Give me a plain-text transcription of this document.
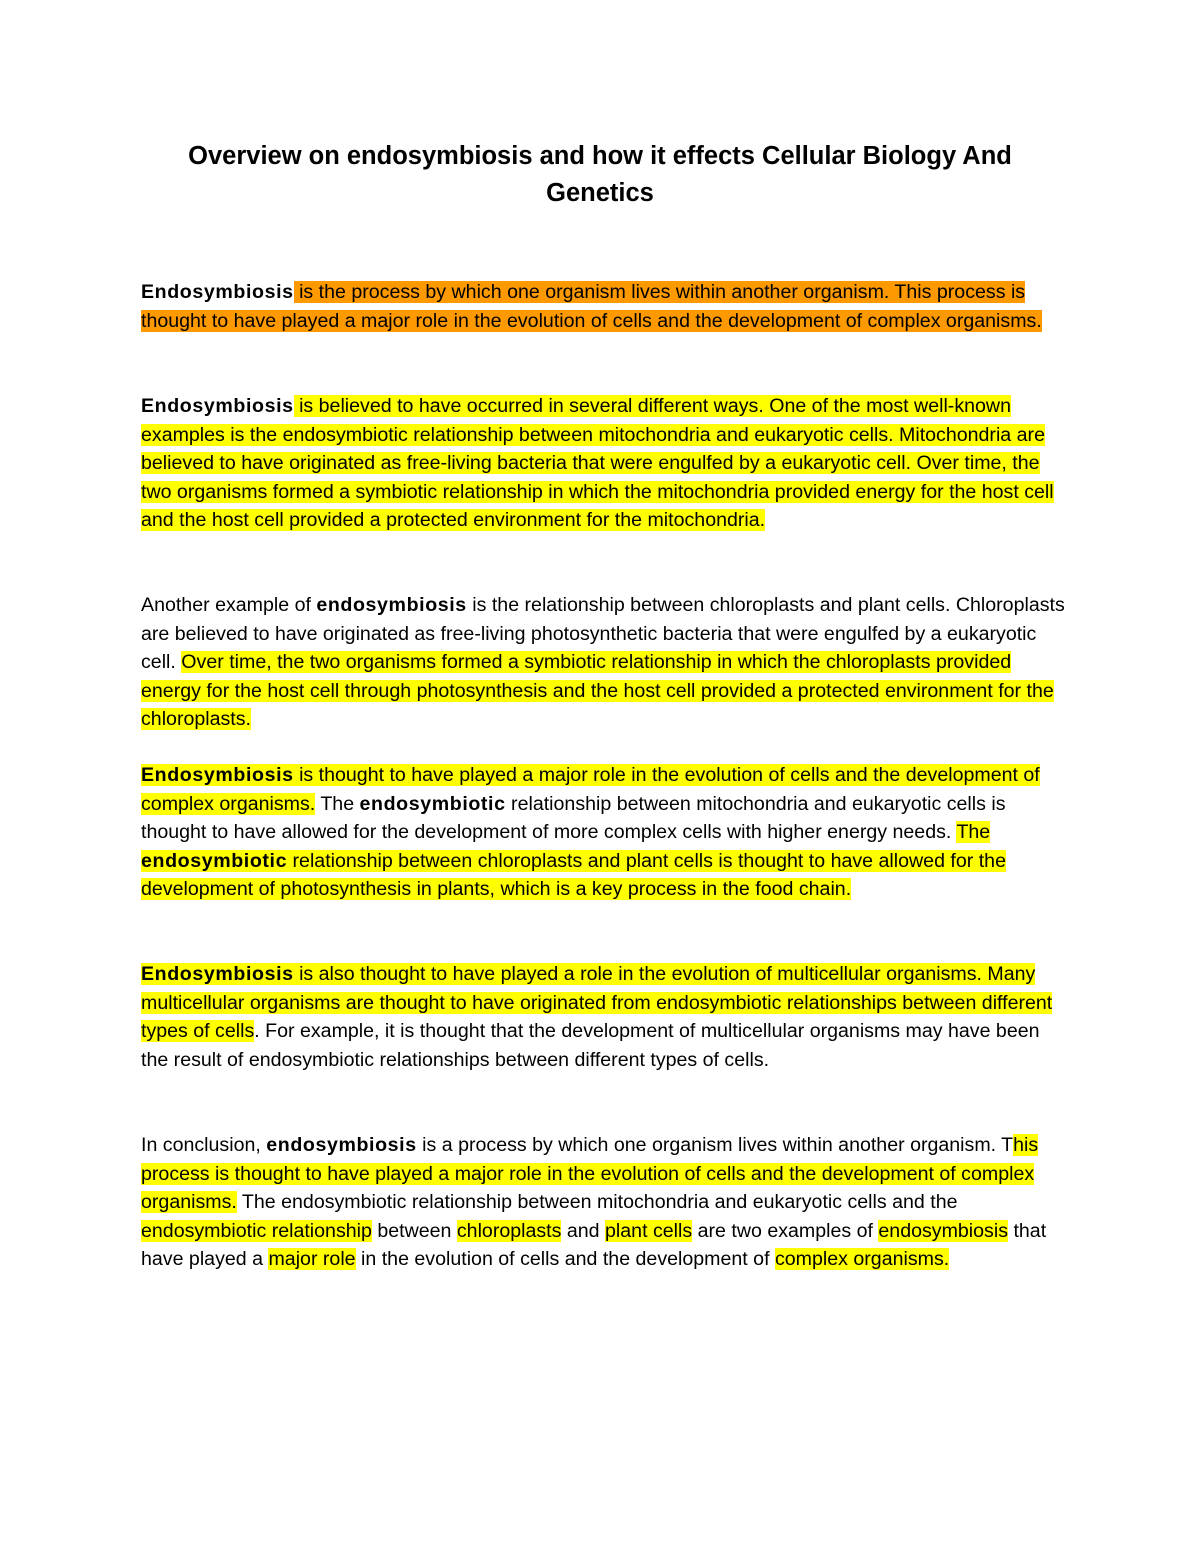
Overview on endosymbiosis and how it effects Cellular Biology And Genetics

Endosymbiosis is the process by which one organism lives within another organism. This process is thought to have played a major role in the evolution of cells and the development of complex organisms.

Endosymbiosis is believed to have occurred in several different ways. One of the most well-known examples is the endosymbiotic relationship between mitochondria and eukaryotic cells. Mitochondria are believed to have originated as free-living bacteria that were engulfed by a eukaryotic cell. Over time, the two organisms formed a symbiotic relationship in which the mitochondria provided energy for the host cell and the host cell provided a protected environment for the mitochondria.

Another example of endosymbiosis is the relationship between chloroplasts and plant cells. Chloroplasts are believed to have originated as free-living photosynthetic bacteria that were engulfed by a eukaryotic cell. Over time, the two organisms formed a symbiotic relationship in which the chloroplasts provided energy for the host cell through photosynthesis and the host cell provided a protected environment for the chloroplasts.

Endosymbiosis is thought to have played a major role in the evolution of cells and the development of complex organisms. The endosymbiotic relationship between mitochondria and eukaryotic cells is thought to have allowed for the development of more complex cells with higher energy needs. The endosymbiotic relationship between chloroplasts and plant cells is thought to have allowed for the development of photosynthesis in plants, which is a key process in the food chain.

Endosymbiosis is also thought to have played a role in the evolution of multicellular organisms. Many multicellular organisms are thought to have originated from endosymbiotic relationships between different types of cells. For example, it is thought that the development of multicellular organisms may have been the result of endosymbiotic relationships between different types of cells.

In conclusion, endosymbiosis is a process by which one organism lives within another organism. This process is thought to have played a major role in the evolution of cells and the development of complex organisms. The endosymbiotic relationship between mitochondria and eukaryotic cells and the endosymbiotic relationship between chloroplasts and plant cells are two examples of endosymbiosis that have played a major role in the evolution of cells and the development of complex organisms.
